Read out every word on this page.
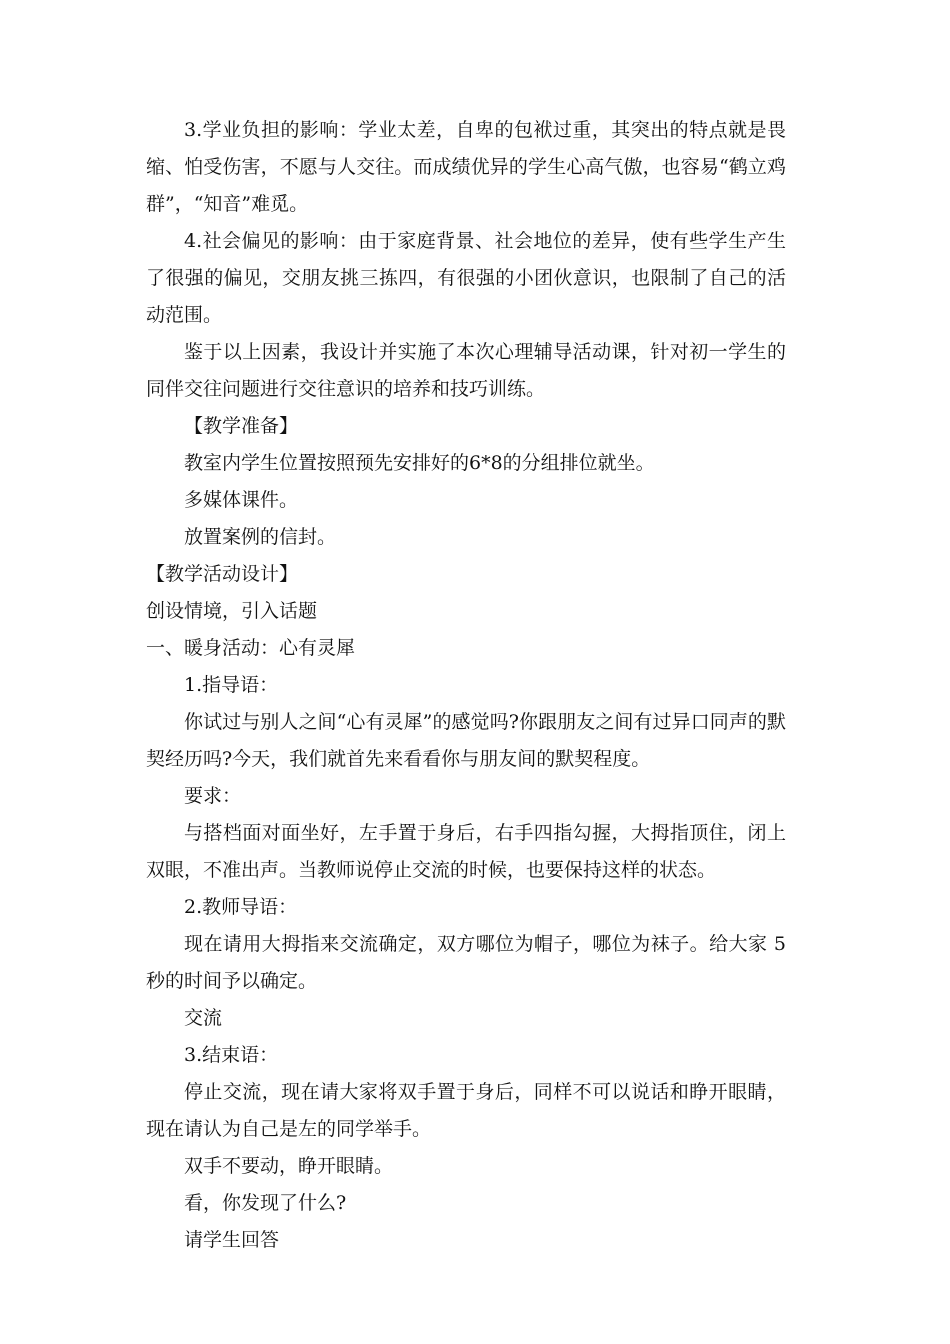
3.学业负担的影响：学业太差，自卑的包袱过重，其突出的特点就是畏缩、怕受伤害，不愿与人交往。而成绩优异的学生心高气傲，也容易“鹤立鸡群”，“知音”难觅。

4.社会偏见的影响：由于家庭背景、社会地位的差异，使有些学生产生了很强的偏见，交朋友挑三拣四，有很强的小团伙意识，也限制了自己的活动范围。

鉴于以上因素，我设计并实施了本次心理辅导活动课，针对初一学生的同伴交往问题进行交往意识的培养和技巧训练。

【教学准备】

教室内学生位置按照预先安排好的6*8的分组排位就坐。

多媒体课件。

放置案例的信封。

【教学活动设计】

创设情境，引入话题

一、暖身活动：心有灵犀

1.指导语：

你试过与别人之间“心有灵犀”的感觉吗?你跟朋友之间有过异口同声的默契经历吗?今天，我们就首先来看看你与朋友间的默契程度。

要求：

与搭档面对面坐好，左手置于身后，右手四指勾握，大拇指顶住，闭上双眼，不准出声。当教师说停止交流的时候，也要保持这样的状态。

2.教师导语：

现在请用大拇指来交流确定，双方哪位为帽子，哪位为袜子。给大家 5秒的时间予以确定。

交流

3.结束语：

停止交流，现在请大家将双手置于身后，同样不可以说话和睁开眼睛，现在请认为自己是左的同学举手。

双手不要动，睁开眼睛。

看，你发现了什么?

请学生回答
